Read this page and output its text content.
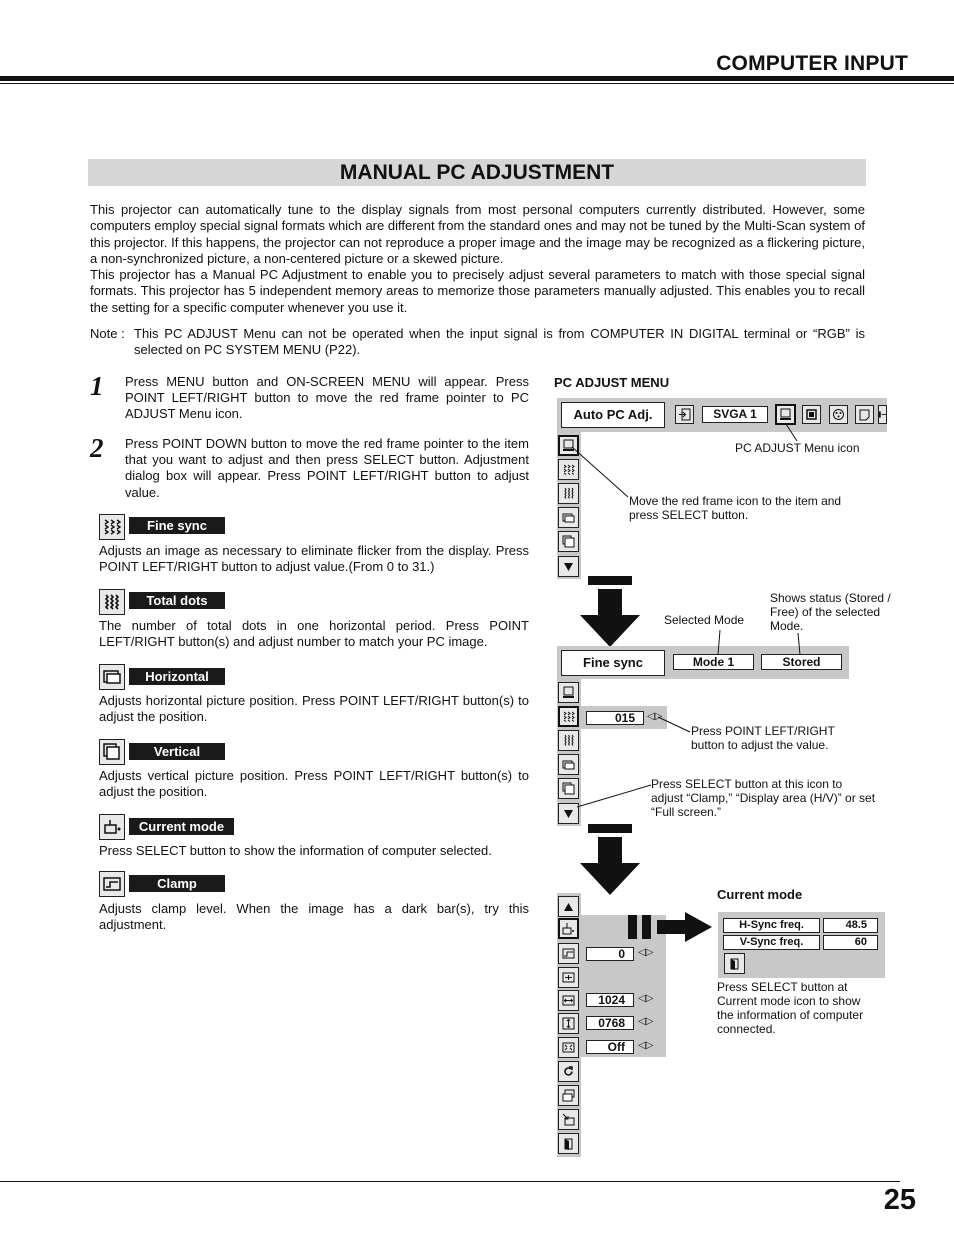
COMPUTER INPUT
MANUAL PC ADJUSTMENT
This projector can automatically tune to the display signals from most personal computers currently distributed. However, some computers employ special signal formats which are different from the standard ones and may not be tuned by the Multi-Scan system of this projector. If this happens, the projector can not reproduce a proper image and the image may be recognized as a flickering picture, a non-synchronized picture, a non-centered picture or a skewed picture.
This projector has a Manual PC Adjustment to enable you to precisely adjust several parameters to match with those special signal formats. This projector has 5 independent memory areas to memorize those parameters manually adjusted. This enables you to recall the setting for a specific computer whenever you use it.
Note : This PC ADJUST Menu can not be operated when the input signal is from COMPUTER IN DIGITAL terminal or “RGB” is selected on PC SYSTEM MENU (P22).
1 Press MENU button and ON-SCREEN MENU will appear. Press POINT LEFT/RIGHT button to move the red frame pointer to PC ADJUST Menu icon.
2 Press POINT DOWN button to move the red frame pointer to the item that you want to adjust and then press SELECT button. Adjustment dialog box will appear. Press POINT LEFT/RIGHT button to adjust value.
Fine sync
Adjusts an image as necessary to eliminate flicker from the display. Press POINT LEFT/RIGHT button to adjust value.(From 0 to 31.)
Total dots
The number of total dots in one horizontal period. Press POINT LEFT/RIGHT button(s) and adjust number to match your PC image.
Horizontal
Adjusts horizontal picture position. Press POINT LEFT/RIGHT button(s) to adjust the position.
Vertical
Adjusts vertical picture position. Press POINT LEFT/RIGHT button(s) to adjust the position.
Current mode
Press SELECT button to show the information of computer selected.
Clamp
Adjusts clamp level. When the image has a dark bar(s), try this adjustment.
PC ADJUST MENU
Auto PC Adj.	SVGA 1
PC ADJUST Menu icon
Move the red frame icon to the item and press SELECT button.
Selected Mode
Shows status (Stored / Free) of the selected Mode.
Fine sync	Mode 1	Stored
015	◁▷
Press POINT LEFT/RIGHT button to adjust the value.
Press SELECT button at this icon to adjust “Clamp,” “Display area (H/V)” or set “Full screen.”
Current mode
0	◁▷
1024	◁▷
0768	◁▷
Off	◁▷
H-Sync freq.	48.5
V-Sync freq.	60
Press SELECT button at Current mode icon to show the information of computer connected.
25
